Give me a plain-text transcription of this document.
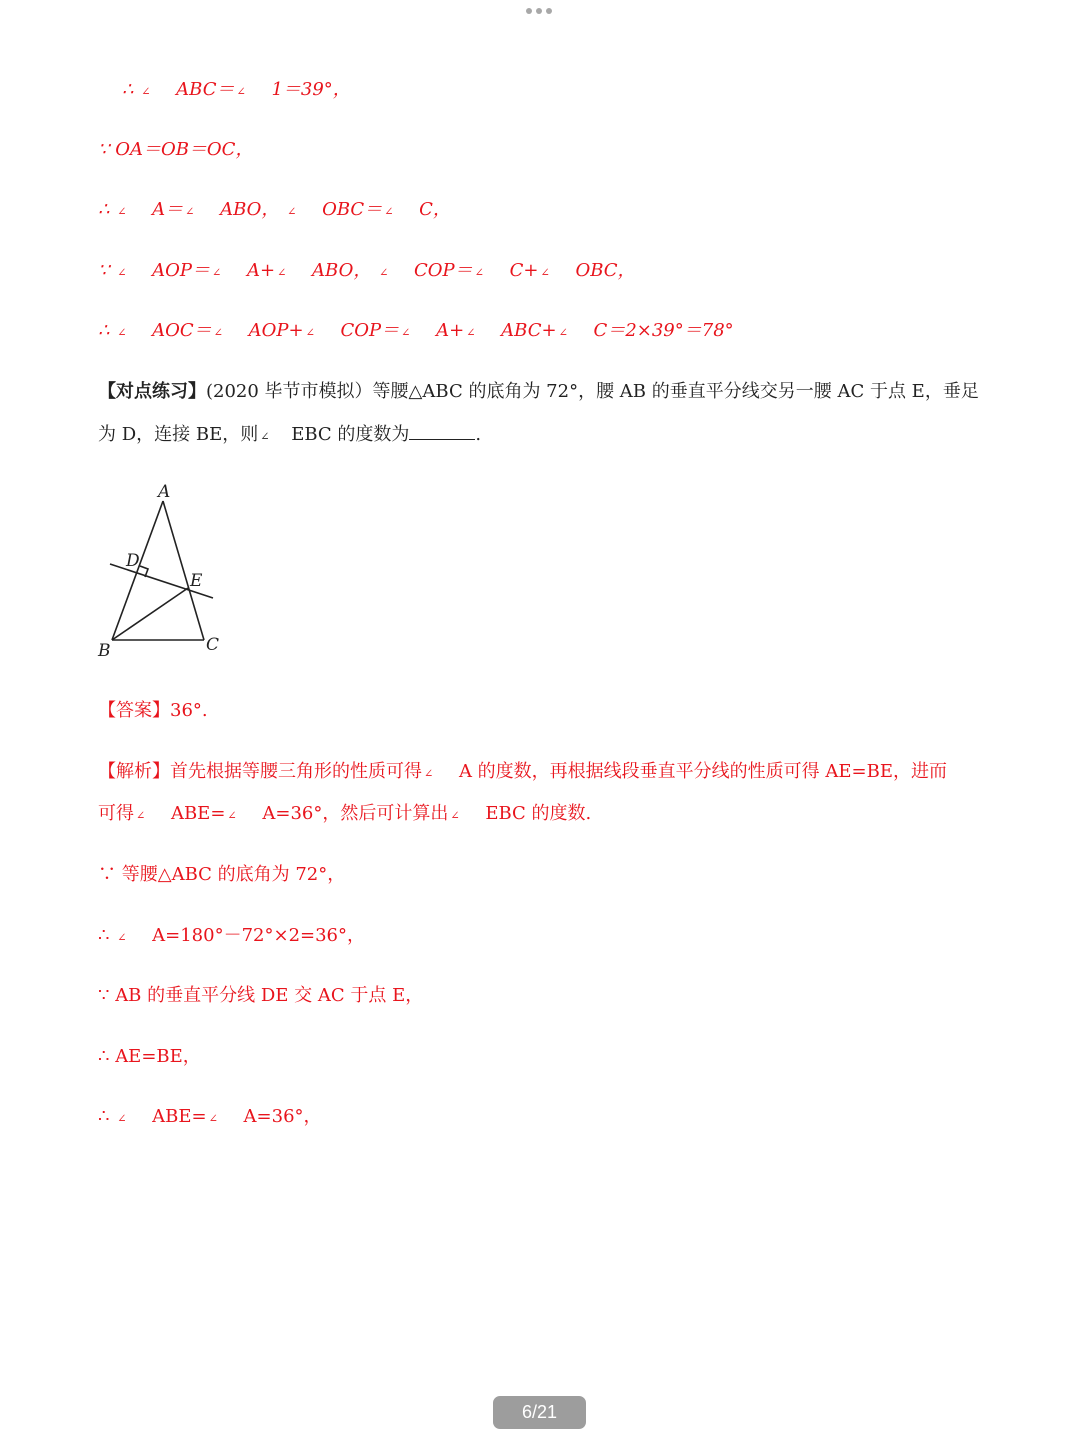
∴ ∠ ABC＝ ∠ 1＝39°，
∵ OA＝OB＝OC，
∴ ∠ A＝ ∠ ABO， ∠ OBC＝ ∠ C，
∵ ∠ AOP＝ ∠ A+ ∠ ABO， ∠ COP＝ ∠ C+ ∠ OBC，
∴ ∠ AOC＝ ∠ AOP+ ∠ COP＝ ∠ A+ ∠ ABC+ ∠ C＝2×39°＝78°
【对点练习】(2020 毕节市模拟）等腰△ABC 的底角为 72°，腰 AB 的垂直平分线交另一腰 AC 于点 E，垂足
为 D，连接 BE，则 ∠ EBC 的度数为	.
A
D
E
B	C
【答案】36°.
【解析】首先根据等腰三角形的性质可得 ∠ A 的度数，再根据线段垂直平分线的性质可得 AE=BE，进而
可得 ∠ ABE= ∠ A=36°，然后可计算出 ∠ EBC 的度数.
∵ 等腰△ABC 的底角为 72°，
∴ ∠ A=180°－72°×2=36°，
∵ AB 的垂直平分线 DE 交 AC 于点 E，
∴ AE=BE，
∴ ∠ ABE= ∠ A=36°，
6/21
